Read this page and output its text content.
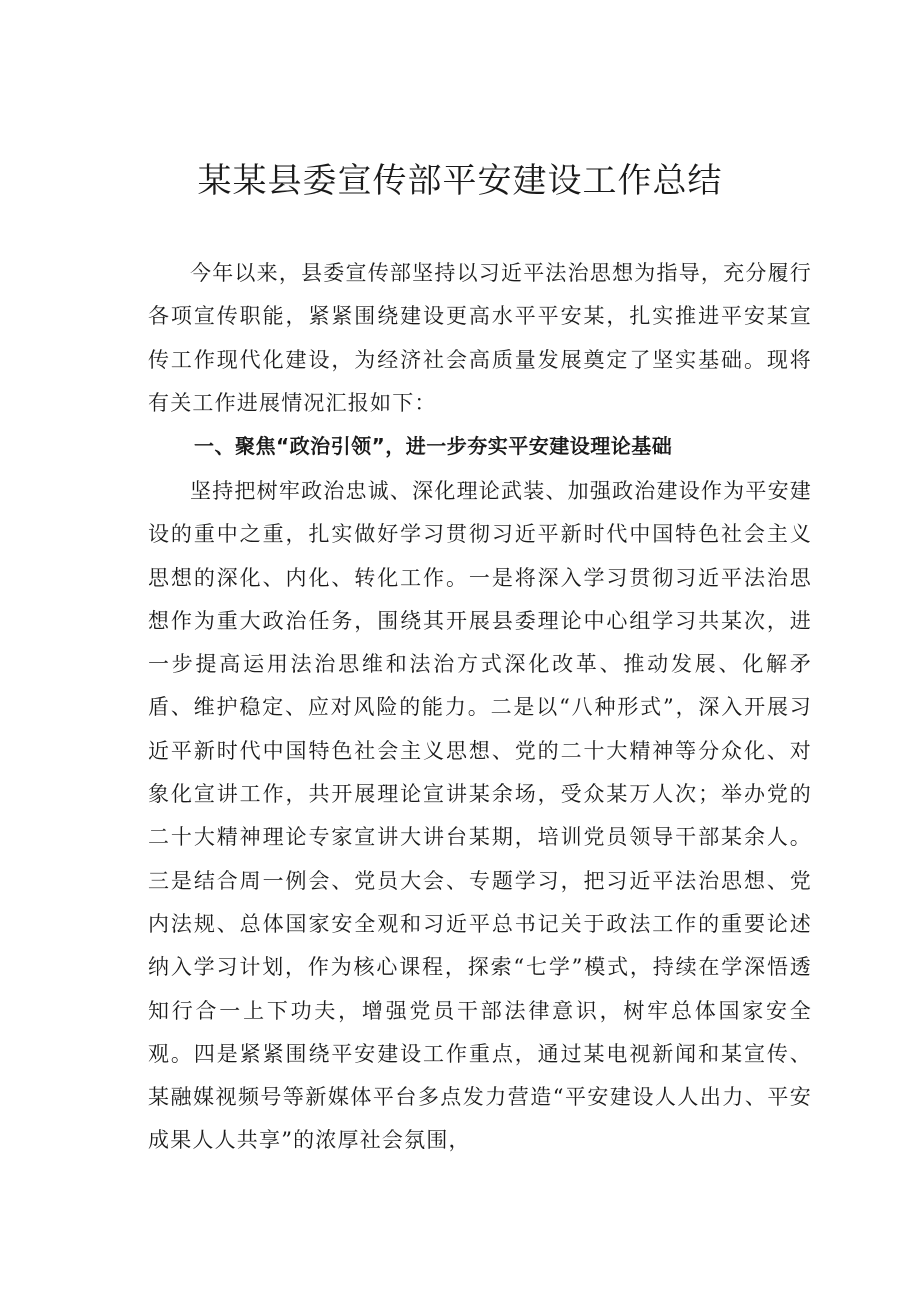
某某县委宣传部平安建设工作总结

今年以来，县委宣传部坚持以习近平法治思想为指导，充分履行各项宣传职能，紧紧围绕建设更高水平平安某，扎实推进平安某宣传工作现代化建设，为经济社会高质量发展奠定了坚实基础。现将有关工作进展情况汇报如下：

一、聚焦“政治引领”，进一步夯实平安建设理论基础

坚持把树牢政治忠诚、深化理论武装、加强政治建设作为平安建设的重中之重，扎实做好学习贯彻习近平新时代中国特色社会主义思想的深化、内化、转化工作。一是将深入学习贯彻习近平法治思想作为重大政治任务，围绕其开展县委理论中心组学习共某次，进一步提高运用法治思维和法治方式深化改革、推动发展、化解矛盾、维护稳定、应对风险的能力。二是以“八种形式”，深入开展习近平新时代中国特色社会主义思想、党的二十大精神等分众化、对象化宣讲工作，共开展理论宣讲某余场，受众某万人次；举办党的二十大精神理论专家宣讲大讲台某期，培训党员领导干部某余人。三是结合周一例会、党员大会、专题学习，把习近平法治思想、党内法规、总体国家安全观和习近平总书记关于政法工作的重要论述纳入学习计划，作为核心课程，探索“七学”模式，持续在学深悟透知行合一上下功夫，增强党员干部法律意识，树牢总体国家安全观。四是紧紧围绕平安建设工作重点，通过某电视新闻和某宣传、某融媒视频号等新媒体平台多点发力营造“平安建设人人出力、平安成果人人共享”的浓厚社会氛围，
